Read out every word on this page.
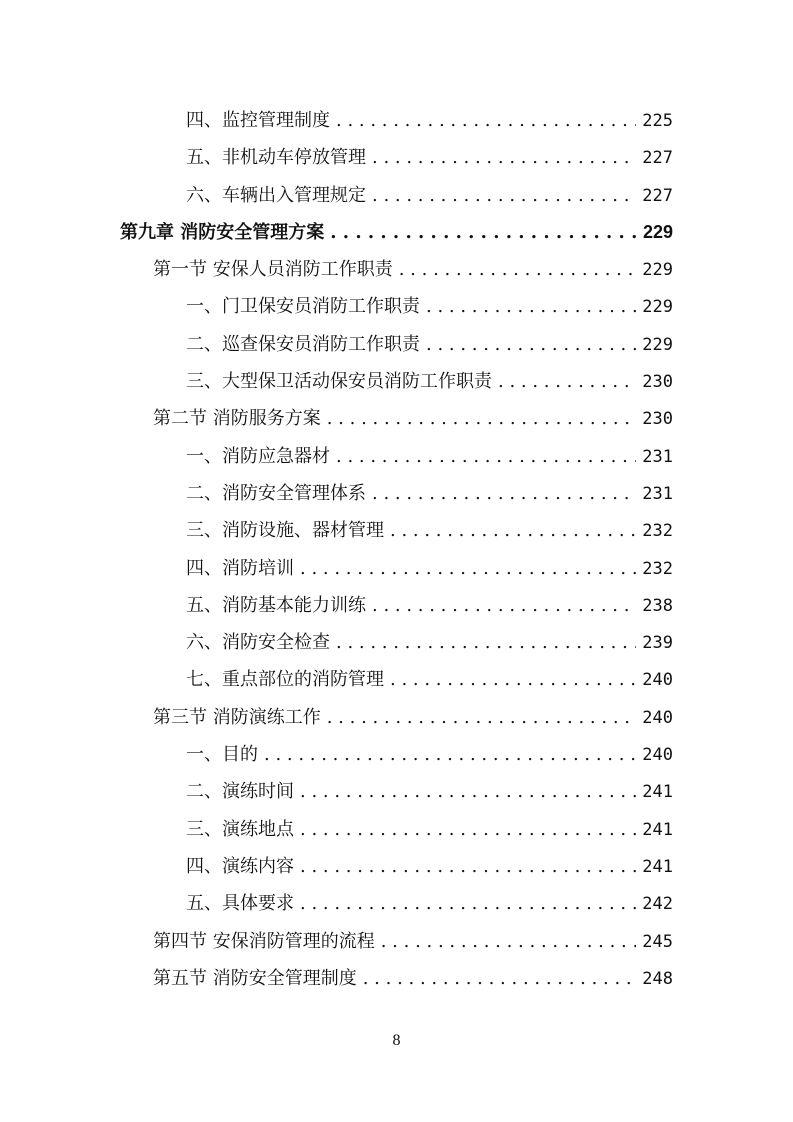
四、监控管理制度 . . .	225
五、非机动车停放管理 . . .	227
六、车辆出入管理规定 . . .	227
第九章 消防安全管理方案 . . .	229
第一节 安保人员消防工作职责 . . .	229
一、门卫保安员消防工作职责 . . .	229
二、巡查保安员消防工作职责 . . .	229
三、大型保卫活动保安员消防工作职责 . . .	230
第二节 消防服务方案 . . .	230
一、消防应急器材 . . .	231
二、消防安全管理体系 . . .	231
三、消防设施、器材管理 . . .	232
四、消防培训 . . .	232
五、消防基本能力训练 . . .	238
六、消防安全检查 . . .	239
七、重点部位的消防管理 . . .	240
第三节 消防演练工作 . . .	240
一、目的 . . .	240
二、演练时间 . . .	241
三、演练地点 . . .	241
四、演练内容 . . .	241
五、具体要求 . . .	242
第四节 安保消防管理的流程 . . .	245
第五节 消防安全管理制度 . . .	248
8
